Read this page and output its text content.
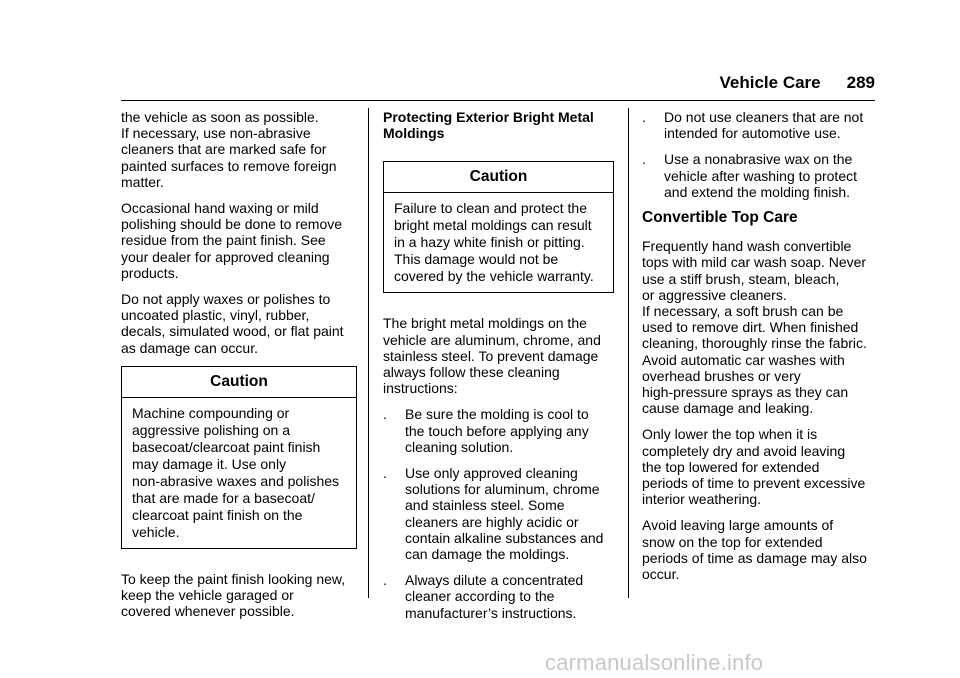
Vehicle Care 289

the vehicle as soon as possible.
If necessary, use non-abrasive
cleaners that are marked safe for
painted surfaces to remove foreign
matter.

Occasional hand waxing or mild
polishing should be done to remove
residue from the paint finish. See
your dealer for approved cleaning
products.

Do not apply waxes or polishes to
uncoated plastic, vinyl, rubber,
decals, simulated wood, or flat paint
as damage can occur.

Caution
Machine compounding or
aggressive polishing on a
basecoat/clearcoat paint finish
may damage it. Use only
non-abrasive waxes and polishes
that are made for a basecoat/
clearcoat paint finish on the
vehicle.

To keep the paint finish looking new,
keep the vehicle garaged or
covered whenever possible.

Protecting Exterior Bright Metal
Moldings
Caution
Failure to clean and protect the
bright metal moldings can result
in a hazy white finish or pitting.
This damage would not be
covered by the vehicle warranty.

The bright metal moldings on the
vehicle are aluminum, chrome, and
stainless steel. To prevent damage
always follow these cleaning
instructions:

.	Be sure the molding is cool to
the touch before applying any
cleaning solution.
.	Use only approved cleaning
solutions for aluminum, chrome
and stainless steel. Some
cleaners are highly acidic or
contain alkaline substances and
can damage the moldings.
.	Always dilute a concentrated
cleaner according to the
manufacturer’s instructions.
.	Do not use cleaners that are not
intended for automotive use.
.	Use a nonabrasive wax on the
vehicle after washing to protect
and extend the molding finish.
Convertible Top Care

Frequently hand wash convertible
tops with mild car wash soap. Never
use a stiff brush, steam, bleach,
or aggressive cleaners.
If necessary, a soft brush can be
used to remove dirt. When finished
cleaning, thoroughly rinse the fabric.
Avoid automatic car washes with
overhead brushes or very
high-pressure sprays as they can
cause damage and leaking.

Only lower the top when it is
completely dry and avoid leaving
the top lowered for extended
periods of time to prevent excessive
interior weathering.

Avoid leaving large amounts of
snow on the top for extended
periods of time as damage may also
occur.

carmanualsonline.info
